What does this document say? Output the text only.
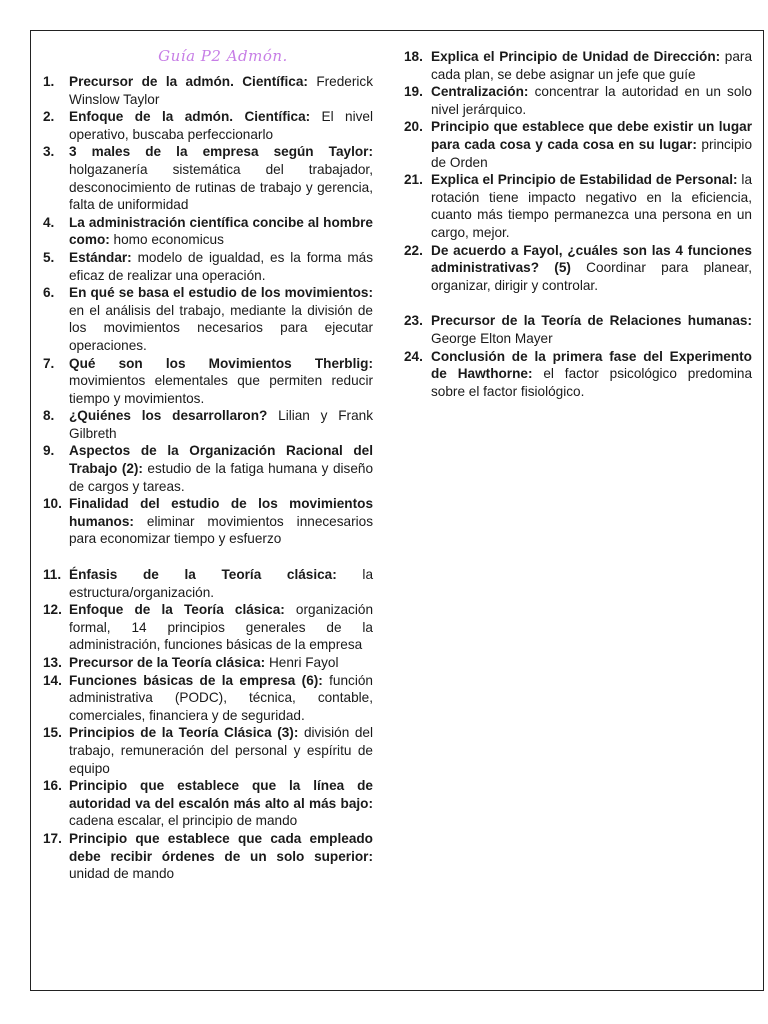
Guía P2 Admón.
1. Precursor de la admón. Científica: Frederick Winslow Taylor
2. Enfoque de la admón. Científica: El nivel operativo, buscaba perfeccionarlo
3. 3 males de la empresa según Taylor: holgazanería sistemática del trabajador, desconocimiento de rutinas de trabajo y gerencia, falta de uniformidad
4. La administración científica concibe al hombre como: homo economicus
5. Estándar: modelo de igualdad, es la forma más eficaz de realizar una operación.
6. En qué se basa el estudio de los movimientos: en el análisis del trabajo, mediante la división de los movimientos necesarios para ejecutar operaciones.
7. Qué son los Movimientos Therblig: movimientos elementales que permiten reducir tiempo y movimientos.
8. ¿Quiénes los desarrollaron? Lilian y Frank Gilbreth
9. Aspectos de la Organización Racional del Trabajo (2): estudio de la fatiga humana y diseño de cargos y tareas.
10. Finalidad del estudio de los movimientos humanos: eliminar movimientos innecesarios para economizar tiempo y esfuerzo
11. Énfasis de la Teoría clásica: la estructura/organización.
12. Enfoque de la Teoría clásica: organización formal, 14 principios generales de la administración, funciones básicas de la empresa
13. Precursor de la Teoría clásica: Henri Fayol
14. Funciones básicas de la empresa (6): función administrativa (PODC), técnica, contable, comerciales, financiera y de seguridad.
15. Principios de la Teoría Clásica (3): división del trabajo, remuneración del personal y espíritu de equipo
16. Principio que establece que la línea de autoridad va del escalón más alto al más bajo: cadena escalar, el principio de mando
17. Principio que establece que cada empleado debe recibir órdenes de un solo superior: unidad de mando
18. Explica el Principio de Unidad de Dirección: para cada plan, se debe asignar un jefe que guíe
19. Centralización: concentrar la autoridad en un solo nivel jerárquico.
20. Principio que establece que debe existir un lugar para cada cosa y cada cosa en su lugar: principio de Orden
21. Explica el Principio de Estabilidad de Personal: la rotación tiene impacto negativo en la eficiencia, cuanto más tiempo permanezca una persona en un cargo, mejor.
22. De acuerdo a Fayol, ¿cuáles son las 4 funciones administrativas? (5) Coordinar para planear, organizar, dirigir y controlar.
23. Precursor de la Teoría de Relaciones humanas: George Elton Mayer
24. Conclusión de la primera fase del Experimento de Hawthorne: el factor psicológico predomina sobre el factor fisiológico.
